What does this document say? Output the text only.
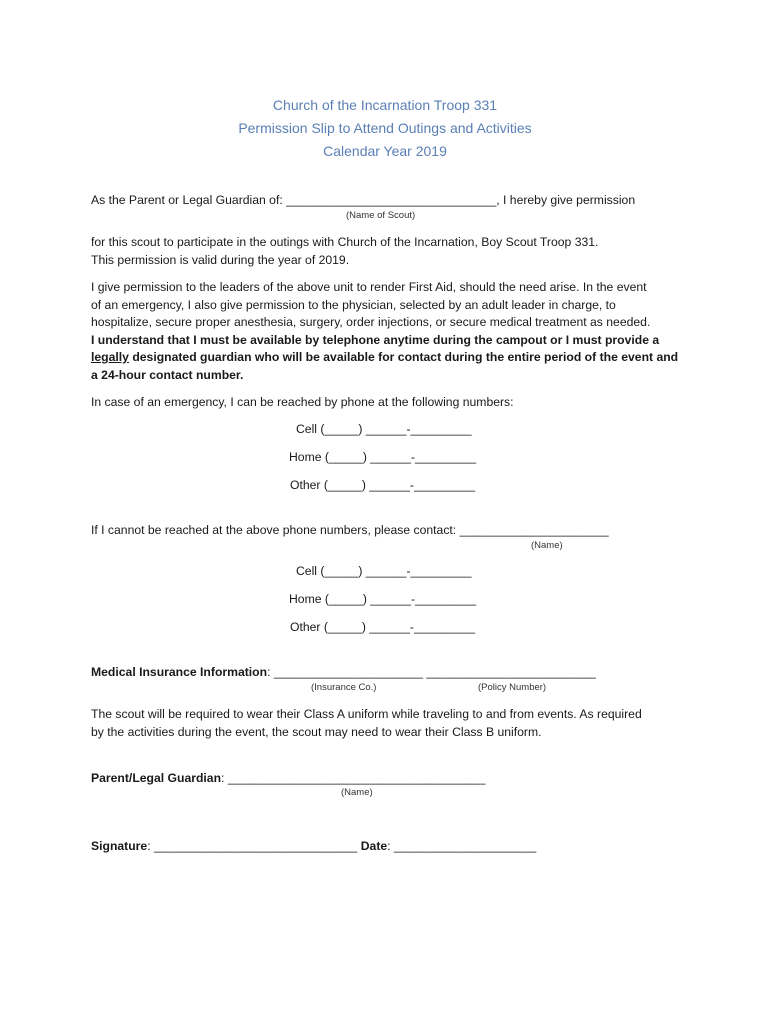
Church of the Incarnation Troop 331
Permission Slip to Attend Outings and Activities
Calendar Year 2019
As the Parent or Legal Guardian of: _______________________________, I hereby give permission
(Name of Scout)
for this scout to participate in the outings with Church of the Incarnation, Boy Scout Troop 331.
This permission is valid during the year of 2019.
I give permission to the leaders of the above unit to render First Aid, should the need arise. In the event
of an emergency, I also give permission to the physician, selected by an adult leader in charge, to
hospitalize, secure proper anesthesia, surgery, order injections, or secure medical treatment as needed.
I understand that I must be available by telephone anytime during the campout or I must provide a
legally designated guardian who will be available for contact during the entire period of the event and
a 24-hour contact number.
In case of an emergency, I can be reached by phone at the following numbers:
Cell (_____) ______-_________
Home (_____) ______-_________
Other (_____) ______-_________
If I cannot be reached at the above phone numbers, please contact: ______________________
(Name)
Cell (_____) ______-_________
Home (_____) ______-_________
Other (_____) ______-_________
Medical Insurance Information: ______________________ _________________________
(Insurance Co.)	(Policy Number)
The scout will be required to wear their Class A uniform while traveling to and from events. As required
by the activities during the event, the scout may need to wear their Class B uniform.
Parent/Legal Guardian: ______________________________________
(Name)
Signature: ______________________________ Date: _____________________
